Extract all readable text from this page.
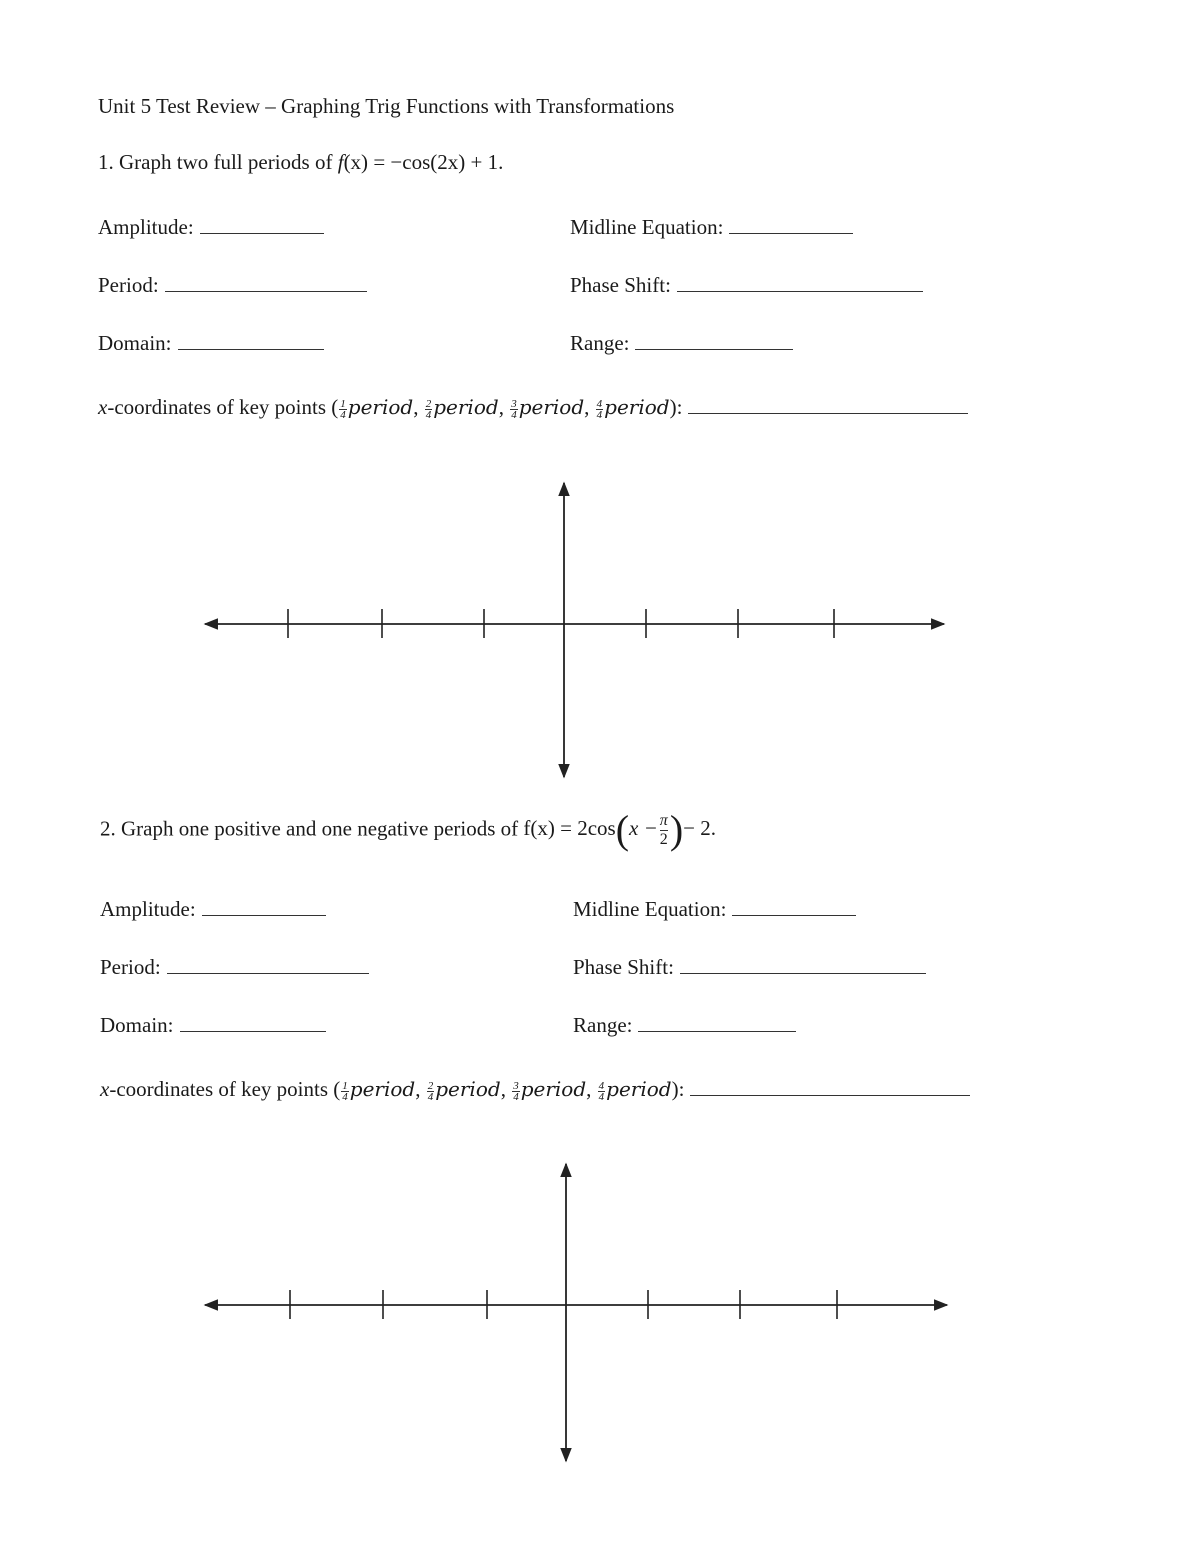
Unit 5 Test Review – Graphing Trig Functions with Transformations
1. Graph two full periods of f(x) = −cos(2x) + 1.
Amplitude:	Midline Equation:
Period:	Phase Shift:
Domain:	Range:
x-coordinates of key points ( $\frac{1}{4}$ period, $\frac{2}{4}$ period, $\frac{3}{4}$ period, $\frac{4}{4}$ period):
2. Graph one positive and one negative periods of $f(x) = 2\cos(x - \frac{\pi}{2}$ )− 2.
Amplitude:	Midline Equation:
Period:	Phase Shift:
Domain:	Range:
x-coordinates of key points ( $\frac{1}{4}$ period, $\frac{2}{4}$ period, $\frac{3}{4}$ period, $\frac{4}{4}$ period):
